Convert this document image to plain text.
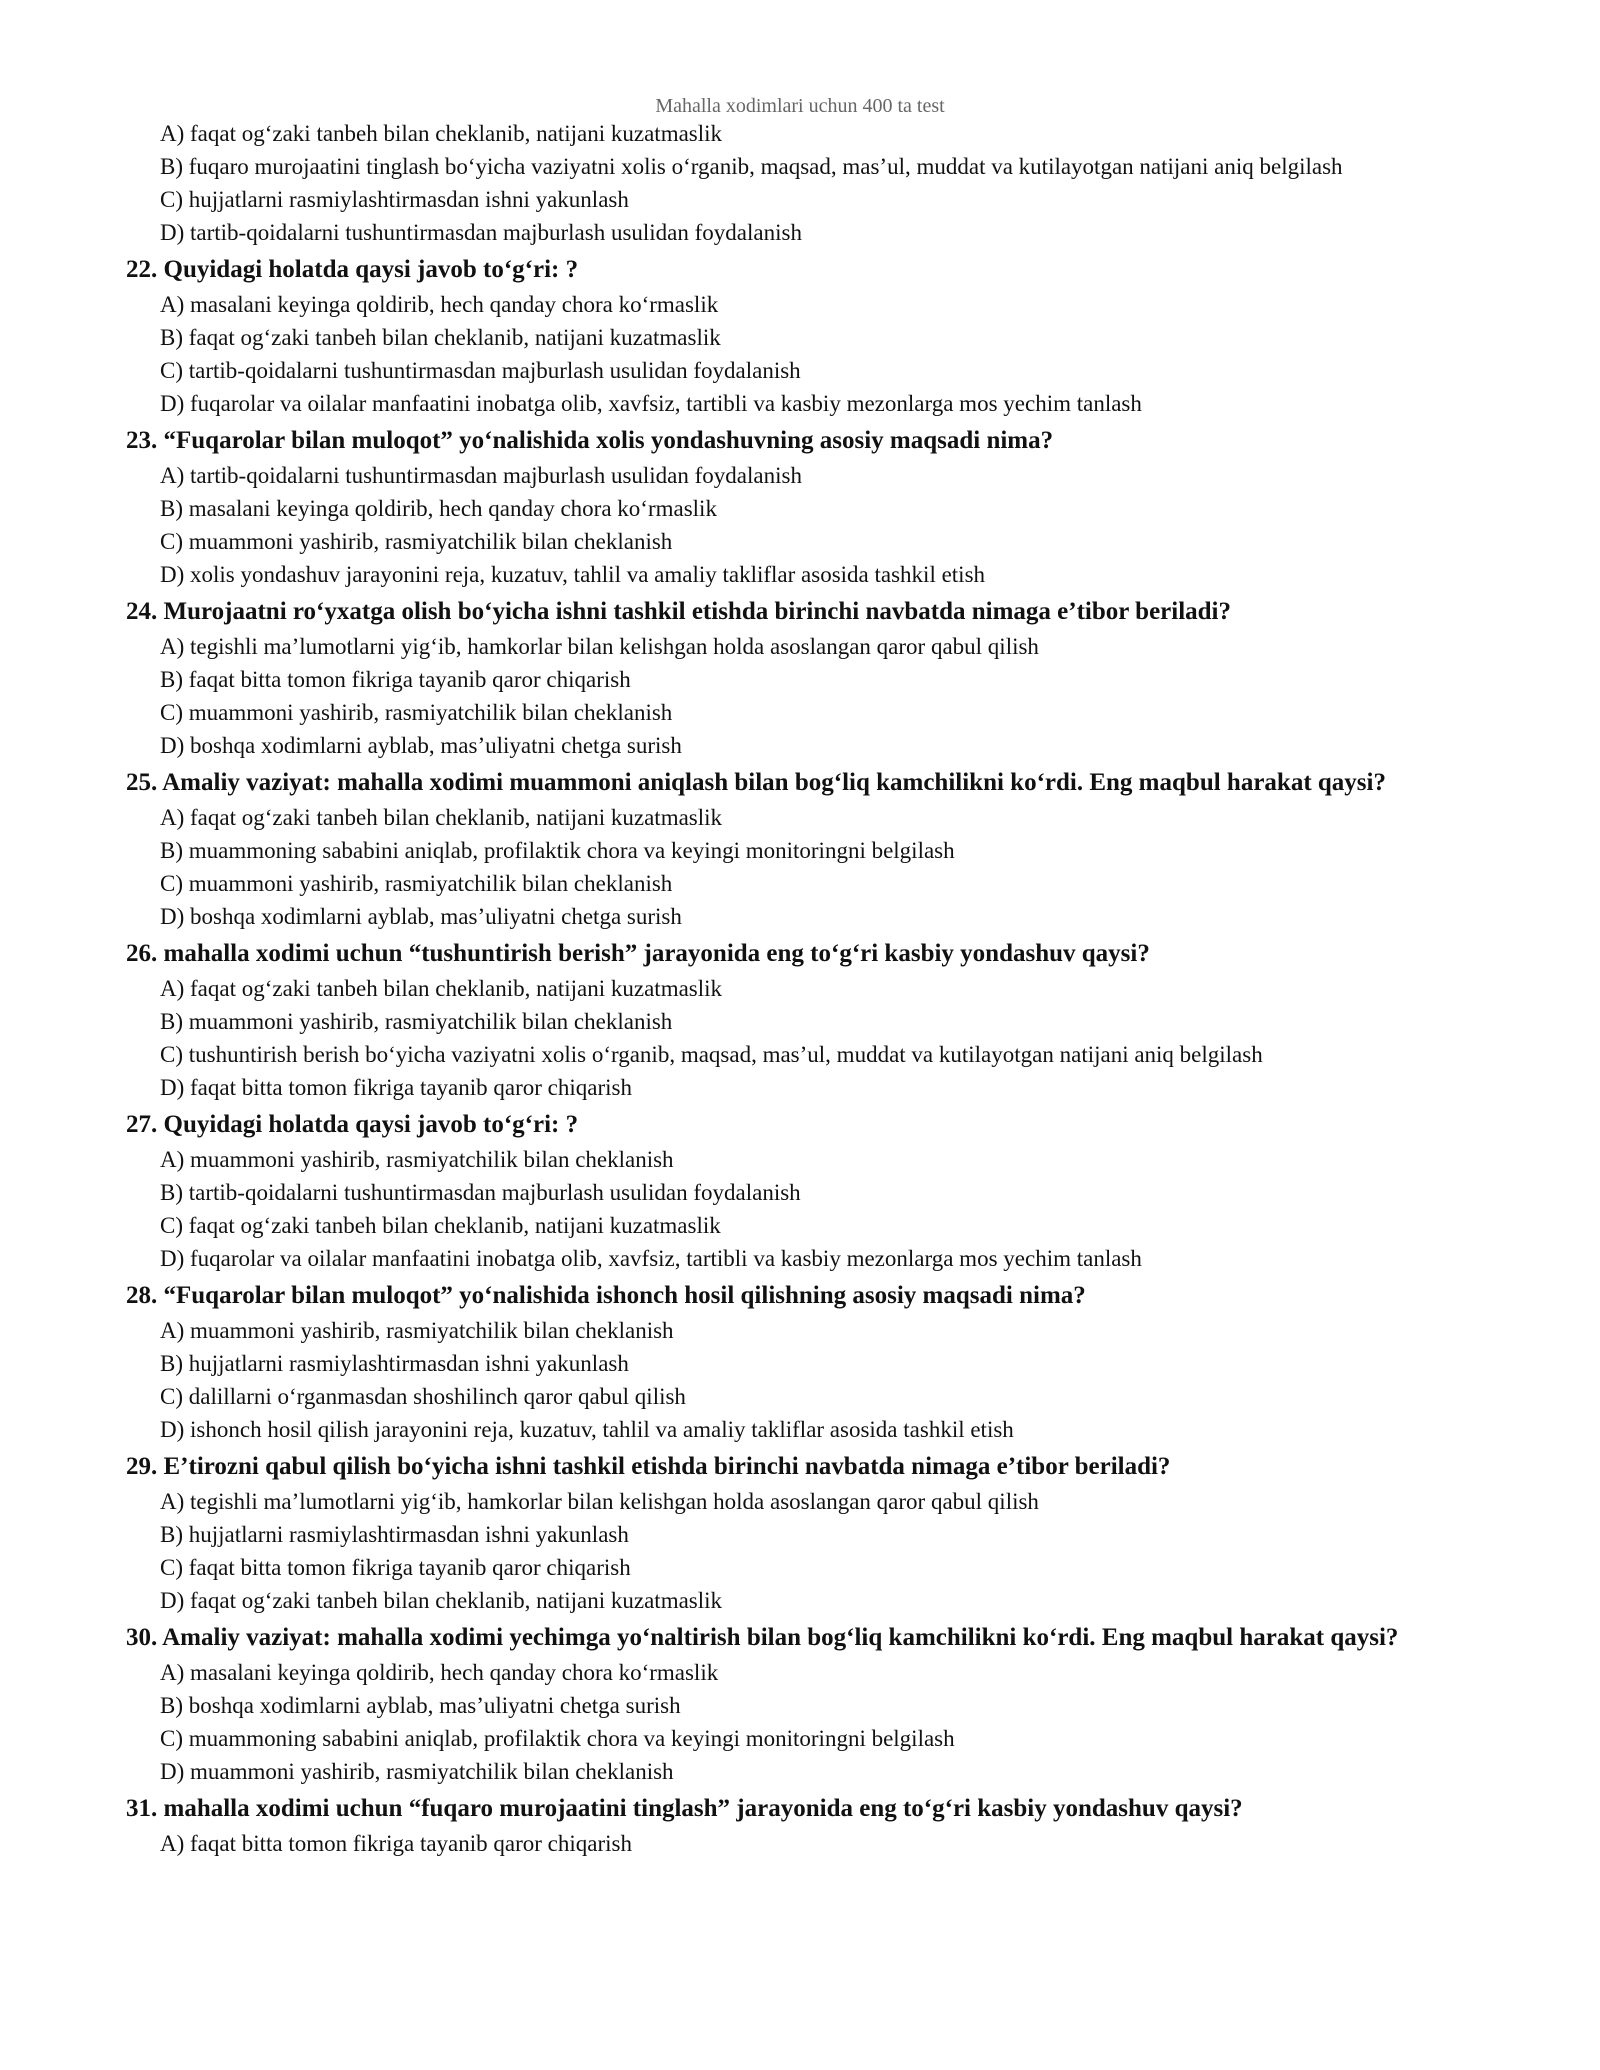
Mahalla xodimlari uchun 400 ta test
A) faqat og‘zaki tanbeh bilan cheklanib, natijani kuzatmaslik
B) fuqaro murojaatini tinglash bo‘yicha vaziyatni xolis o‘rganib, maqsad, mas’ul, muddat va kutilayotgan natijani aniq belgilash
C) hujjatlarni rasmiylashtirmasdan ishni yakunlash
D) tartib-qoidalarni tushuntirmasdan majburlash usulidan foydalanish
22. Quyidagi holatda qaysi javob to‘g‘ri: ?
A) masalani keyinga qoldirib, hech qanday chora ko‘rmaslik
B) faqat og‘zaki tanbeh bilan cheklanib, natijani kuzatmaslik
C) tartib-qoidalarni tushuntirmasdan majburlash usulidan foydalanish
D) fuqarolar va oilalar manfaatini inobatga olib, xavfsiz, tartibli va kasbiy mezonlarga mos yechim tanlash
23. “Fuqarolar bilan muloqot” yo‘nalishida xolis yondashuvning asosiy maqsadi nima?
A) tartib-qoidalarni tushuntirmasdan majburlash usulidan foydalanish
B) masalani keyinga qoldirib, hech qanday chora ko‘rmaslik
C) muammoni yashirib, rasmiyatchilik bilan cheklanish
D) xolis yondashuv jarayonini reja, kuzatuv, tahlil va amaliy takliflar asosida tashkil etish
24. Murojaatni ro‘yxatga olish bo‘yicha ishni tashkil etishda birinchi navbatda nimaga e’tibor beriladi?
A) tegishli ma’lumotlarni yig‘ib, hamkorlar bilan kelishgan holda asoslangan qaror qabul qilish
B) faqat bitta tomon fikriga tayanib qaror chiqarish
C) muammoni yashirib, rasmiyatchilik bilan cheklanish
D) boshqa xodimlarni ayblab, mas’uliyatni chetga surish
25. Amaliy vaziyat: mahalla xodimi muammoni aniqlash bilan bog‘liq kamchilikni ko‘rdi. Eng maqbul harakat qaysi?
A) faqat og‘zaki tanbeh bilan cheklanib, natijani kuzatmaslik
B) muammoning sababini aniqlab, profilaktik chora va keyingi monitoringni belgilash
C) muammoni yashirib, rasmiyatchilik bilan cheklanish
D) boshqa xodimlarni ayblab, mas’uliyatni chetga surish
26. mahalla xodimi uchun “tushuntirish berish” jarayonida eng to‘g‘ri kasbiy yondashuv qaysi?
A) faqat og‘zaki tanbeh bilan cheklanib, natijani kuzatmaslik
B) muammoni yashirib, rasmiyatchilik bilan cheklanish
C) tushuntirish berish bo‘yicha vaziyatni xolis o‘rganib, maqsad, mas’ul, muddat va kutilayotgan natijani aniq belgilash
D) faqat bitta tomon fikriga tayanib qaror chiqarish
27. Quyidagi holatda qaysi javob to‘g‘ri: ?
A) muammoni yashirib, rasmiyatchilik bilan cheklanish
B) tartib-qoidalarni tushuntirmasdan majburlash usulidan foydalanish
C) faqat og‘zaki tanbeh bilan cheklanib, natijani kuzatmaslik
D) fuqarolar va oilalar manfaatini inobatga olib, xavfsiz, tartibli va kasbiy mezonlarga mos yechim tanlash
28. “Fuqarolar bilan muloqot” yo‘nalishida ishonch hosil qilishning asosiy maqsadi nima?
A) muammoni yashirib, rasmiyatchilik bilan cheklanish
B) hujjatlarni rasmiylashtirmasdan ishni yakunlash
C) dalillarni o‘rganmasdan shoshilinch qaror qabul qilish
D) ishonch hosil qilish jarayonini reja, kuzatuv, tahlil va amaliy takliflar asosida tashkil etish
29. E’tirozni qabul qilish bo‘yicha ishni tashkil etishda birinchi navbatda nimaga e’tibor beriladi?
A) tegishli ma’lumotlarni yig‘ib, hamkorlar bilan kelishgan holda asoslangan qaror qabul qilish
B) hujjatlarni rasmiylashtirmasdan ishni yakunlash
C) faqat bitta tomon fikriga tayanib qaror chiqarish
D) faqat og‘zaki tanbeh bilan cheklanib, natijani kuzatmaslik
30. Amaliy vaziyat: mahalla xodimi yechimga yo‘naltirish bilan bog‘liq kamchilikni ko‘rdi. Eng maqbul harakat qaysi?
A) masalani keyinga qoldirib, hech qanday chora ko‘rmaslik
B) boshqa xodimlarni ayblab, mas’uliyatni chetga surish
C) muammoning sababini aniqlab, profilaktik chora va keyingi monitoringni belgilash
D) muammoni yashirib, rasmiyatchilik bilan cheklanish
31. mahalla xodimi uchun “fuqaro murojaatini tinglash” jarayonida eng to‘g‘ri kasbiy yondashuv qaysi?
A) faqat bitta tomon fikriga tayanib qaror chiqarish
